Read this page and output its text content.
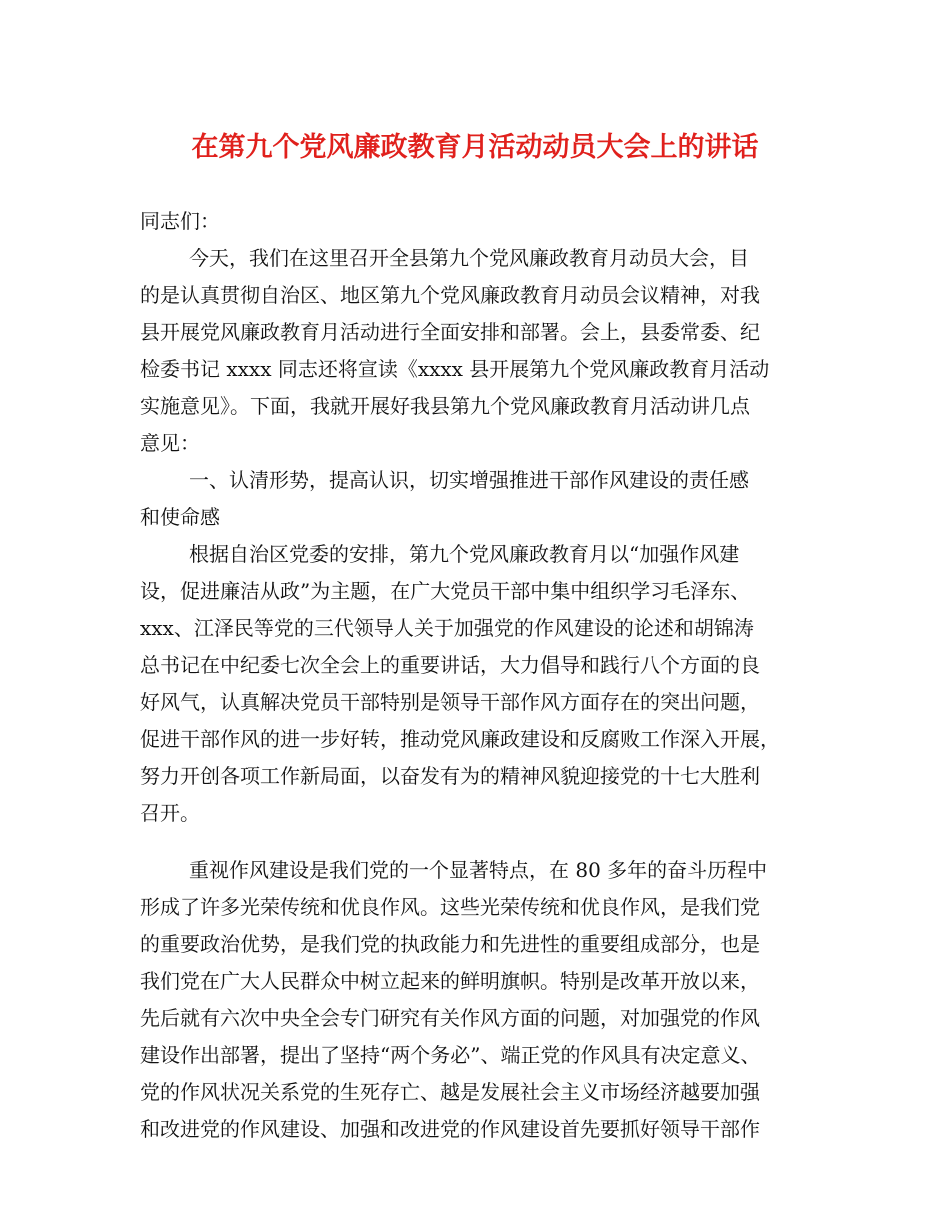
在第九个党风廉政教育月活动动员大会上的讲话
同志们：
今天，我们在这里召开全县第九个党风廉政教育月动员大会，目
的是认真贯彻自治区、地区第九个党风廉政教育月动员会议精神，对我
县开展党风廉政教育月活动进行全面安排和部署。会上，县委常委、纪
检委书记 xxxx 同志还将宣读《xxxx 县开展第九个党风廉政教育月活动
实施意见》。下面，我就开展好我县第九个党风廉政教育月活动讲几点
意见：
一、认清形势，提高认识，切实增强推进干部作风建设的责任感
和使命感
根据自治区党委的安排，第九个党风廉政教育月以“加强作风建
设，促进廉洁从政”为主题，在广大党员干部中集中组织学习毛泽东、
xxx、江泽民等党的三代领导人关于加强党的作风建设的论述和胡锦涛
总书记在中纪委七次全会上的重要讲话，大力倡导和践行八个方面的良
好风气，认真解决党员干部特别是领导干部作风方面存在的突出问题，
促进干部作风的进一步好转，推动党风廉政建设和反腐败工作深入开展，
努力开创各项工作新局面，以奋发有为的精神风貌迎接党的十七大胜利
召开。
重视作风建设是我们党的一个显著特点，在 80 多年的奋斗历程中
形成了许多光荣传统和优良作风。这些光荣传统和优良作风，是我们党
的重要政治优势，是我们党的执政能力和先进性的重要组成部分，也是
我们党在广大人民群众中树立起来的鲜明旗帜。特别是改革开放以来，
先后就有六次中央全会专门研究有关作风方面的问题，对加强党的作风
建设作出部署，提出了坚持“两个务必”、端正党的作风具有决定意义、
党的作风状况关系党的生死存亡、越是发展社会主义市场经济越要加强
和改进党的作风建设、加强和改进党的作风建设首先要抓好领导干部作
